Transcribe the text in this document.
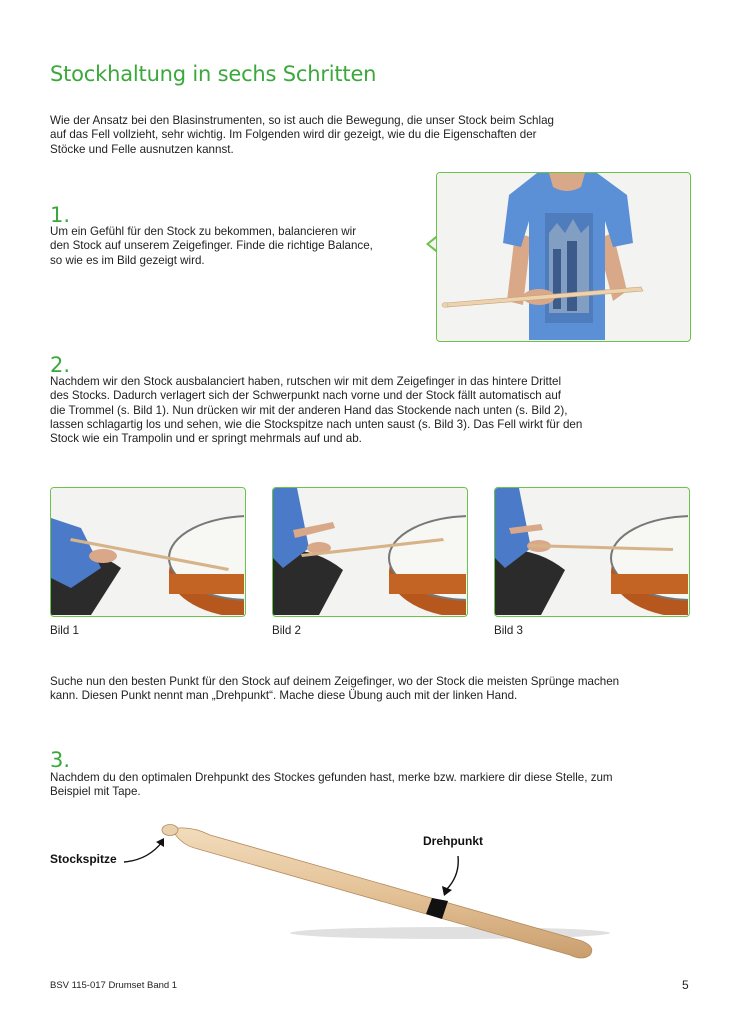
Stockhaltung in sechs Schritten
Wie der Ansatz bei den Blasinstrumenten, so ist auch die Bewegung, die unser Stock beim Schlag
auf das Fell vollzieht, sehr wichtig. Im Folgenden wird dir gezeigt, wie du die Eigenschaften der
Stöcke und Felle ausnutzen kannst.
1.
Um ein Gefühl für den Stock zu bekommen, balancieren wir
den Stock auf unserem Zeigefinger. Finde die richtige Balance,
so wie es im Bild gezeigt wird.
2.
Nachdem wir den Stock ausbalanciert haben, rutschen wir mit dem Zeigefinger in das hintere Drittel
des Stocks. Dadurch verlagert sich der Schwerpunkt nach vorne und der Stock fällt automatisch auf
die Trommel (s. Bild 1). Nun drücken wir mit der anderen Hand das Stockende nach unten (s. Bild 2),
lassen schlagartig los und sehen, wie die Stockspitze nach unten saust (s. Bild 3). Das Fell wirkt für den
Stock wie ein Trampolin und er springt mehrmals auf und ab.
Bild 1	Bild 2	Bild 3
Suche nun den besten Punkt für den Stock auf deinem Zeigefinger, wo der Stock die meisten Sprünge machen
kann. Diesen Punkt nennt man „Drehpunkt“. Mache diese Übung auch mit der linken Hand.
3.
Nachdem du den optimalen Drehpunkt des Stockes gefunden hast, merke bzw. markiere dir diese Stelle, zum
Beispiel mit Tape.
Stockspitze
Drehpunkt
BSV 115-017 Drumset Band 1	5
